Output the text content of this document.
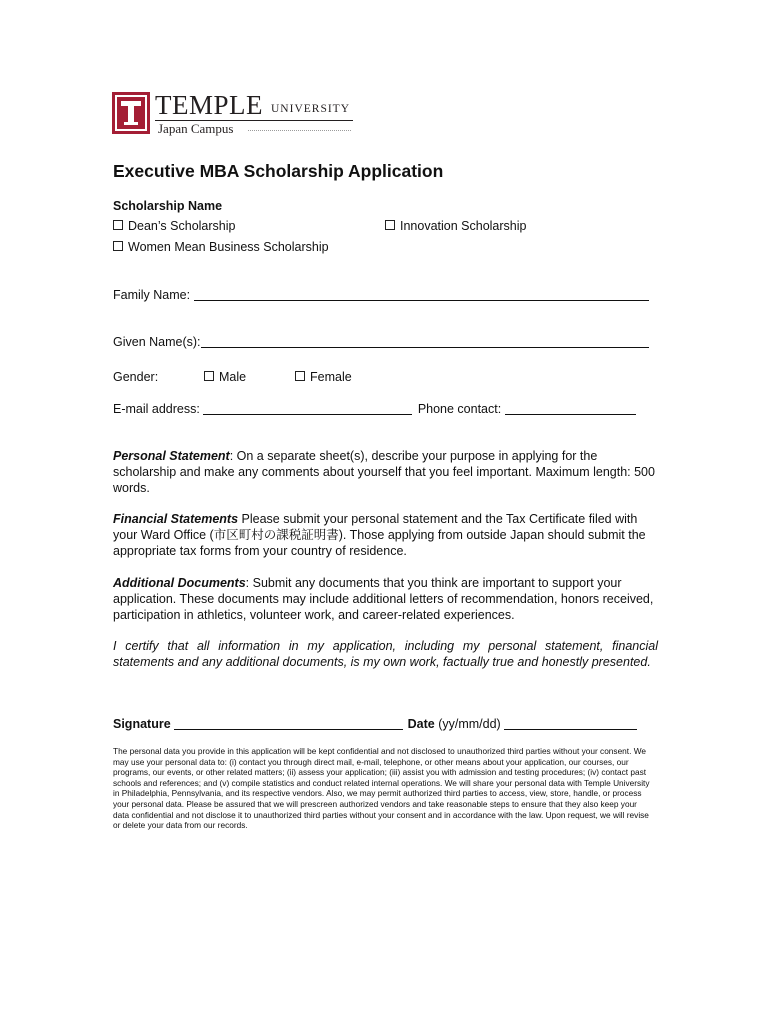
TEMPLE UNIVERSITY
Japan Campus
Executive MBA Scholarship Application
Scholarship Name
Dean’s Scholarship	Innovation Scholarship
Women Mean Business Scholarship
Family Name:
Given Name(s):
Gender:	Male	Female
E-mail address:	Phone contact:
Personal Statement: On a separate sheet(s), describe your purpose in applying for the scholarship and make any comments about yourself that you feel important. Maximum length: 500 words.
Financial Statements Please submit your personal statement and the Tax Certificate filed with your Ward Office (市区町村の課税証明書). Those applying from outside Japan should submit the appropriate tax forms from your country of residence.
Additional Documents: Submit any documents that you think are important to support your application. These documents may include additional letters of recommendation, honors received, participation in athletics, volunteer work, and career-related experiences.
I certify that all information in my application, including my personal statement, financial statements and any additional documents, is my own work, factually true and honestly presented.
Signature	Date (yy/mm/dd)
The personal data you provide in this application will be kept confidential and not disclosed to unauthorized third parties without your consent. We may use your personal data to: (i) contact you through direct mail, e-mail, telephone, or other means about your application, our courses, our programs, our events, or other related matters; (ii) assess your application; (iii) assist you with admission and testing procedures; (iv) contact past schools and references; and (v) compile statistics and conduct related internal operations. We will share your personal data with Temple University in Philadelphia, Pennsylvania, and its respective vendors. Also, we may permit authorized third parties to access, view, store, handle, or process your personal data. Please be assured that we will prescreen authorized vendors and take reasonable steps to ensure that they also keep your data confidential and not disclose it to unauthorized third parties without your consent and in accordance with the law. Upon request, we will revise or delete your data from our records.
